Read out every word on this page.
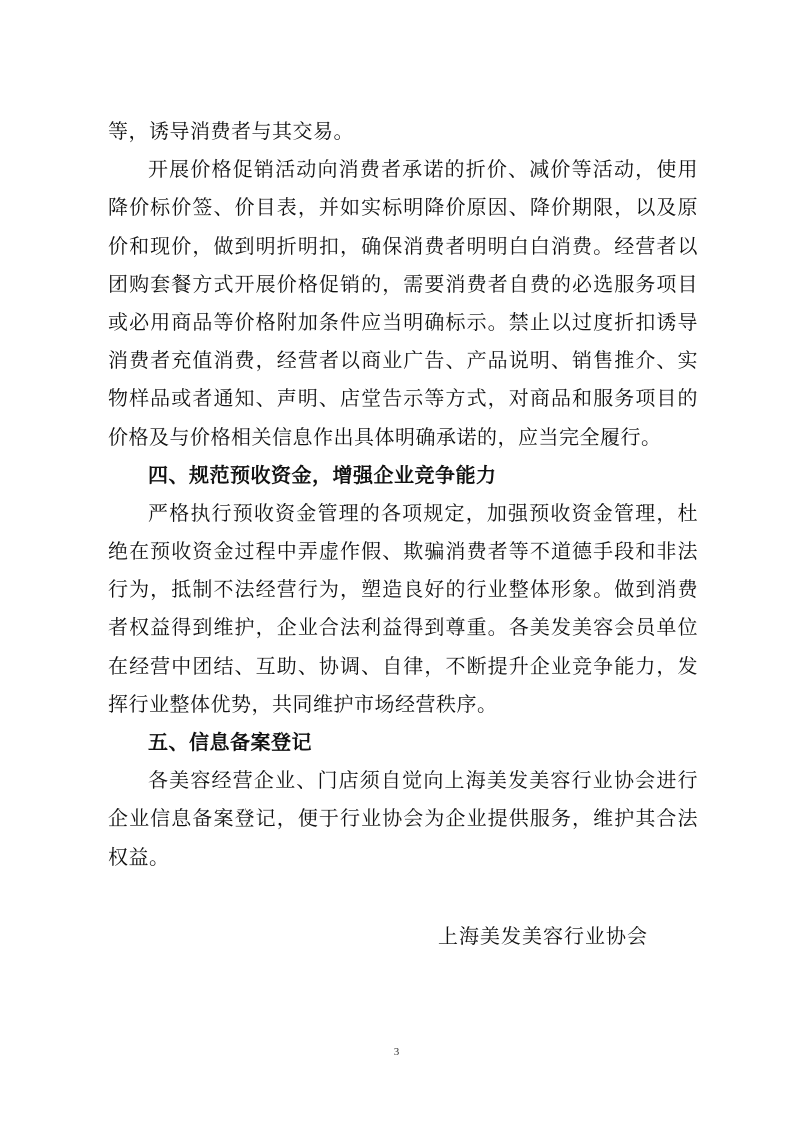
等，诱导消费者与其交易。
开展价格促销活动向消费者承诺的折价、减价等活动，使用
降价标价签、价目表，并如实标明降价原因、降价期限，以及原
价和现价，做到明折明扣，确保消费者明明白白消费。经营者以
团购套餐方式开展价格促销的，需要消费者自费的必选服务项目
或必用商品等价格附加条件应当明确标示。禁止以过度折扣诱导
消费者充值消费，经营者以商业广告、产品说明、销售推介、实
物样品或者通知、声明、店堂告示等方式，对商品和服务项目的
价格及与价格相关信息作出具体明确承诺的，应当完全履行。
四、规范预收资金，增强企业竞争能力
严格执行预收资金管理的各项规定，加强预收资金管理，杜
绝在预收资金过程中弄虚作假、欺骗消费者等不道德手段和非法
行为，抵制不法经营行为，塑造良好的行业整体形象。做到消费
者权益得到维护，企业合法利益得到尊重。各美发美容会员单位
在经营中团结、互助、协调、自律，不断提升企业竞争能力，发
挥行业整体优势，共同维护市场经营秩序。
五、信息备案登记
各美容经营企业、门店须自觉向上海美发美容行业协会进行
企业信息备案登记，便于行业协会为企业提供服务，维护其合法
权益。
上海美发美容行业协会
3
